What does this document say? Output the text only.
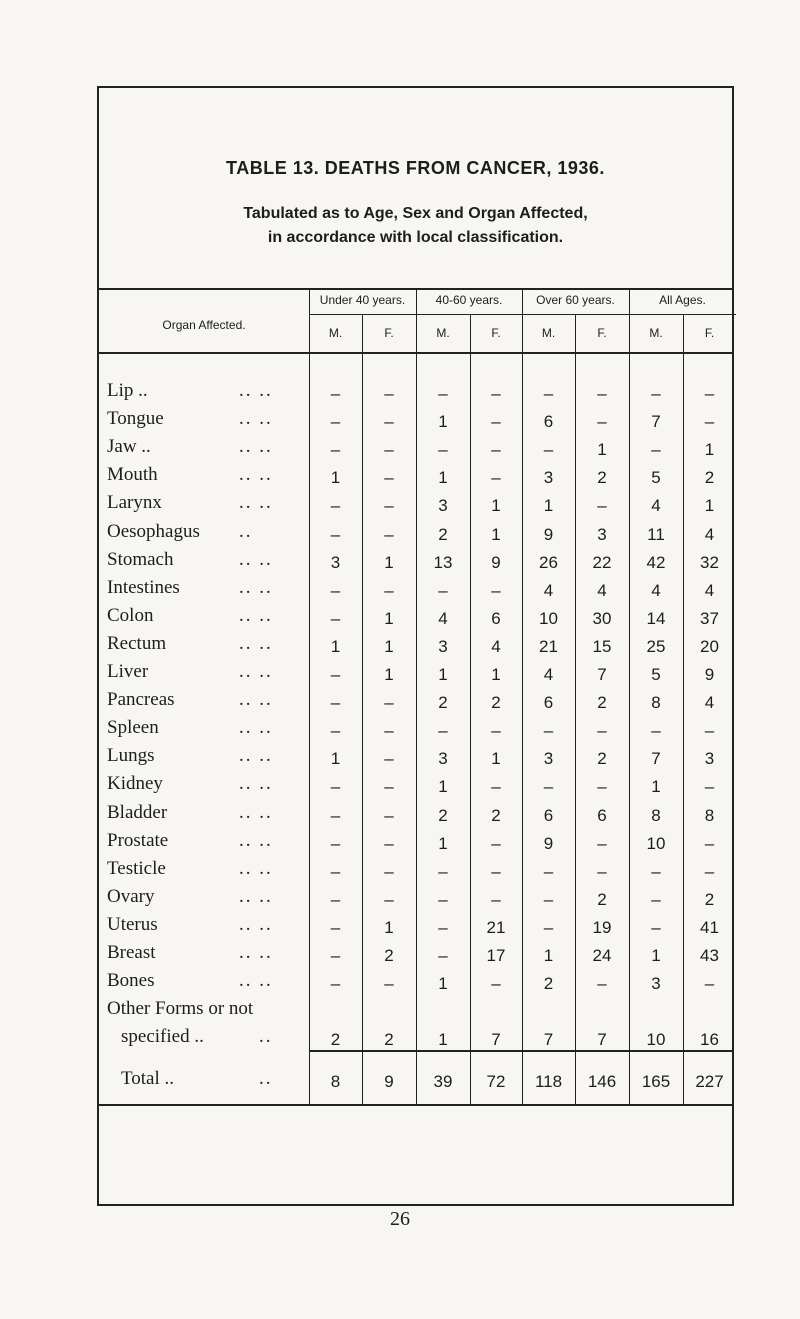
TABLE 13. DEATHS FROM CANCER, 1936.
Tabulated as to Age, Sex and Organ Affected,
in accordance with local classification.
Organ Affected.
Under 40 years.	40-60 years.	Over 60 years.	All Ages.
M.	F.	M.	F.	M.	F.	M.	F.
Lip ..	.. ..	–	–	–	–	–	–	–	–
Tongue	.. ..	–	–	1	–	6	–	7	–
Jaw ..	.. ..	–	–	–	–	–	1	–	1
Mouth	.. ..	1	–	1	–	3	2	5	2
Larynx	.. ..	–	–	3	1	1	–	4	1
Oesophagus ..	–	–	2	1	9	3	11	4
Stomach	.. ..	3	1	13	9	26	22	42	32
Intestines	.. ..	–	–	–	–	4	4	4	4
Colon	.. ..	–	1	4	6	10	30	14	37
Rectum	.. ..	1	1	3	4	21	15	25	20
Liver	.. ..	–	1	1	1	4	7	5	9
Pancreas	.. ..	–	–	2	2	6	2	8	4
Spleen	.. ..	–	–	–	–	–	–	–	–
Lungs	.. ..	1	–	3	1	3	2	7	3
Kidney	.. ..	–	–	1	–	–	–	1	–
Bladder	.. ..	–	–	2	2	6	6	8	8
Prostate	.. ..	–	–	1	–	9	–	10	–
Testicle	.. ..	–	–	–	–	–	–	–	–
Ovary	.. ..	–	–	–	–	–	2	–	2
Uterus	.. ..	–	1	–	21	–	19	–	41
Breast	.. ..	–	2	–	17	1	24	1	43
Bones	.. ..	–	–	1	–	2	–	3	–
Other Forms or not
specified ..	..	2	2	1	7	7	7	10	16
Total ..	..	8	9	39	72	118	146	165	227
26
